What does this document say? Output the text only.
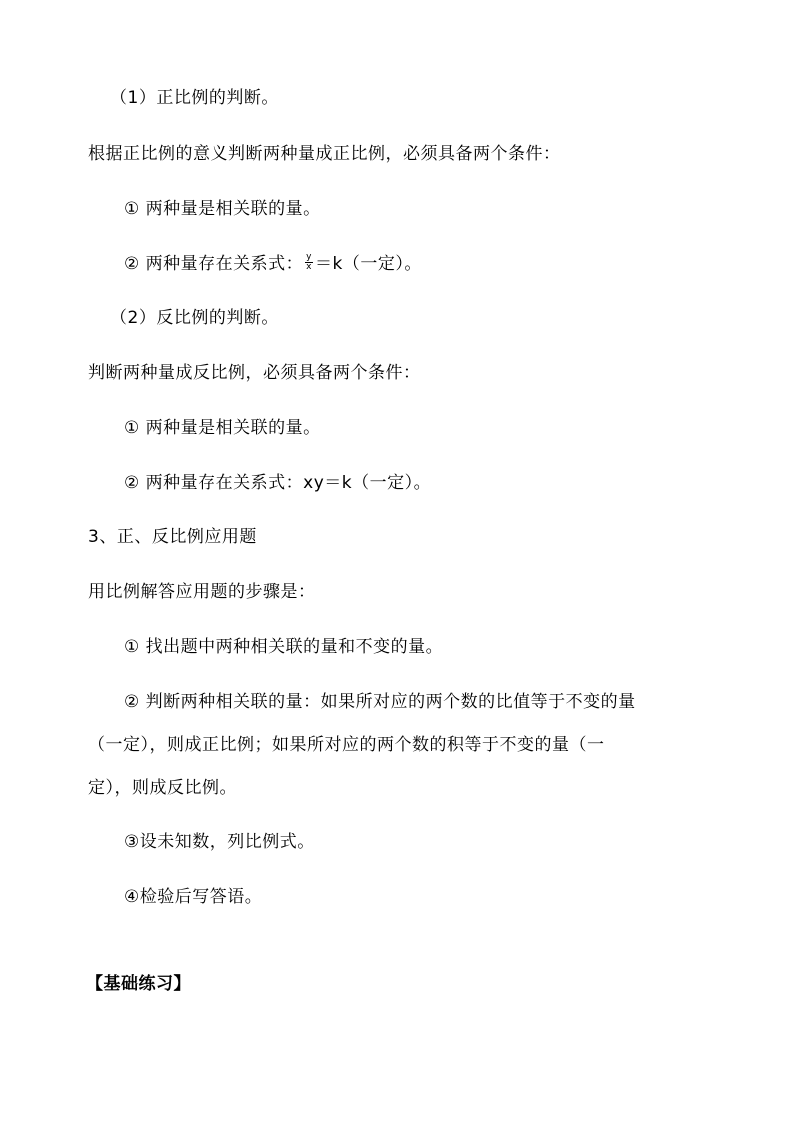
（1）正比例的判断。
根据正比例的意义判断两种量成正比例，必须具备两个条件：
① 两种量是相关联的量。
② 两种量存在关系式： $\frac{y}{x} =k$（一定）。
（2）反比例的判断。
判断两种量成反比例，必须具备两个条件：
① 两种量是相关联的量。
② 两种量存在关系式：xy＝k（一定）。
3、正、反比例应用题
用比例解答应用题的步骤是：
① 找出题中两种相关联的量和不变的量。
② 判断两种相关联的量：如果所对应的两个数的比值等于不变的量
（一定），则成正比例；如果所对应的两个数的积等于不变的量（一
定），则成反比例。
③设未知数，列比例式。
④检验后写答语。
【基础练习】
